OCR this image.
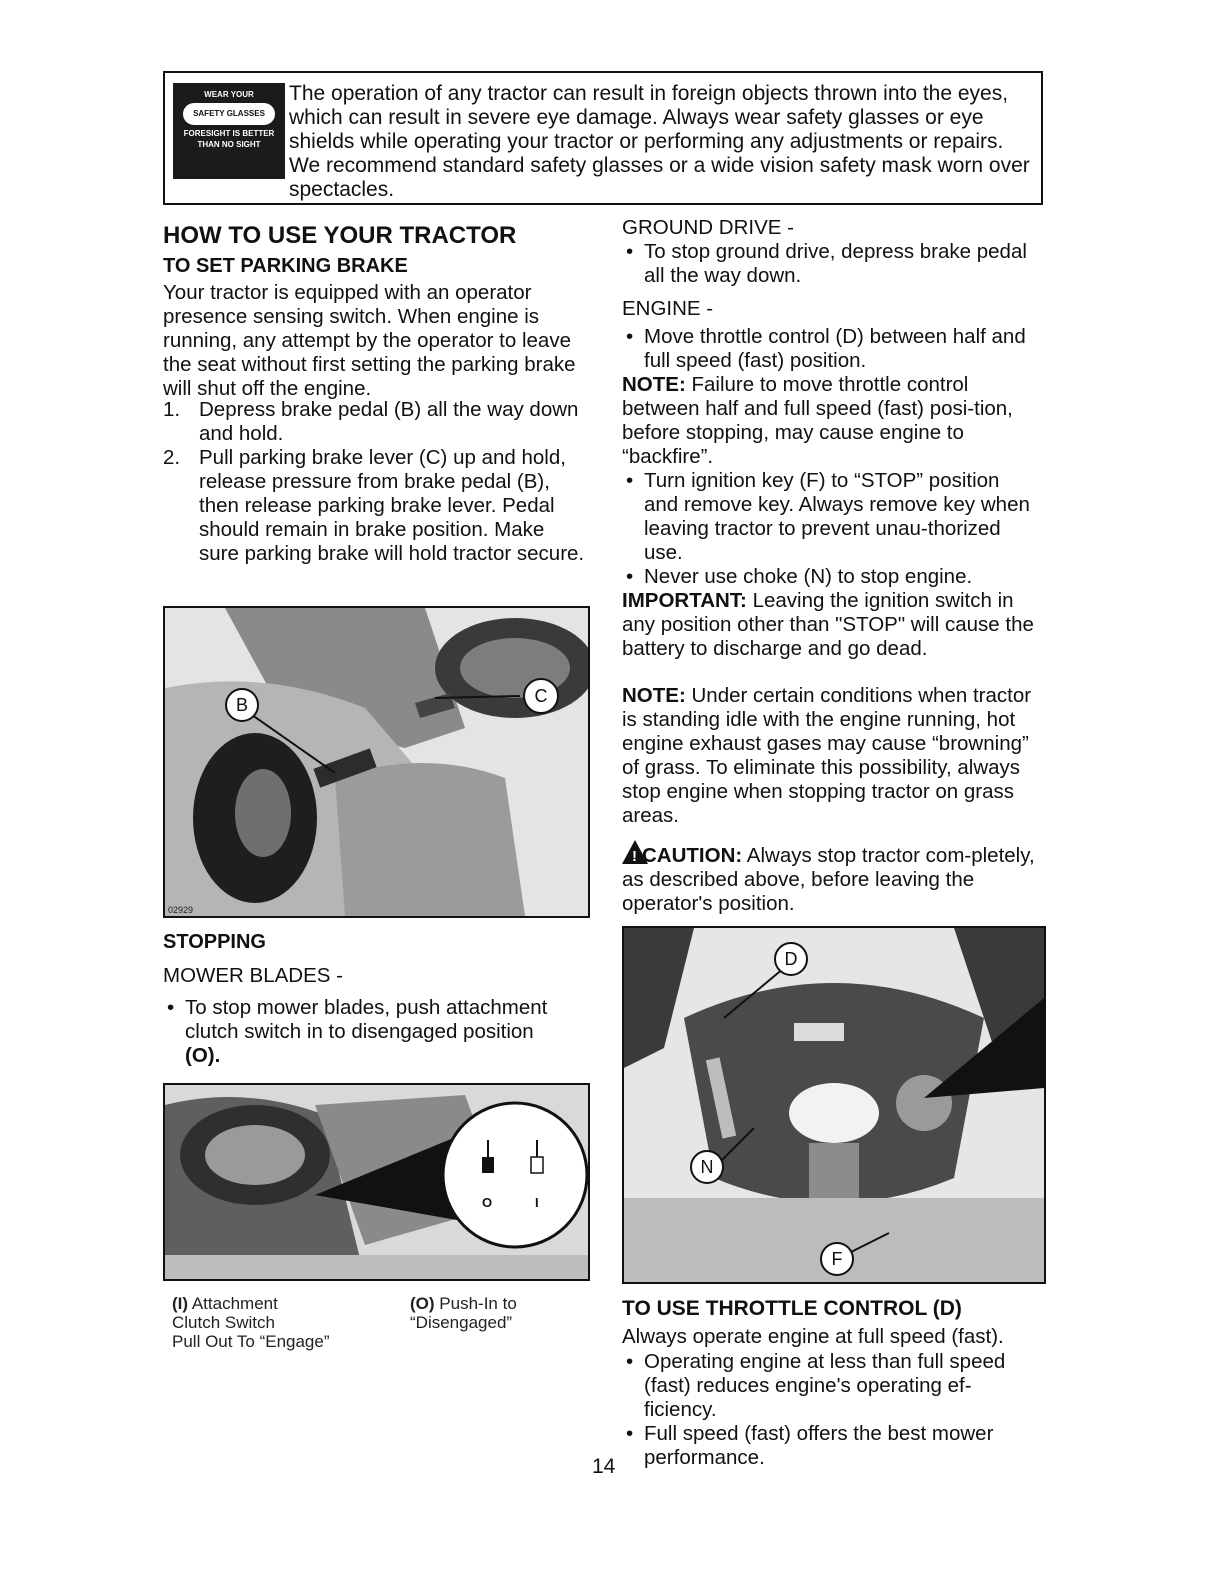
WEAR YOUR
SAFETY GLASSES
FORESIGHT IS BETTER
THAN NO SIGHT
The operation of any tractor can result in foreign objects thrown into the eyes, which can result in severe eye damage. Always wear safety glasses or eye shields while operating your tractor or performing any adjustments or repairs. We recommend standard safety glasses or a wide vision safety mask worn over spectacles.
HOW TO USE YOUR TRACTOR
TO SET PARKING BRAKE

Your tractor is equipped with an operator presence sensing switch. When engine is running, any attempt by the operator to leave the seat without first setting the parking brake will shut off the engine.

1. Depress brake pedal (B) all the way down and hold.
2. Pull parking brake lever (C) up and hold, release pressure from brake pedal (B), then release parking brake lever. Pedal should remain in brake position. Make sure parking brake will hold tractor secure.
B	C
02929
STOPPING

MOWER BLADES -

• To stop mower blades, push attachment clutch switch in to disengaged position
(O).
O	I
(I) Attachment
Clutch Switch
Pull Out To “Engage”
(O) Push-In to
“Disengaged”

GROUND DRIVE -

• To stop ground drive, depress brake pedal all the way down.

ENGINE -

• Move throttle control (D) between half and full speed (fast) position.

NOTE: Failure to move throttle control between half and full speed (fast) posi-tion, before stopping, may cause engine to “backfire”.

• Turn ignition key (F) to “STOP” position and remove key. Always remove key when leaving tractor to prevent unau-thorized use.
• Never use choke (N) to stop engine.

IMPORTANT: Leaving the ignition switch in any position other than "STOP" will cause the battery to discharge and go dead.

NOTE: Under certain conditions when tractor is standing idle with the engine running, hot engine exhaust gases may cause “browning” of grass. To eliminate this possibility, always stop engine when stopping tractor on grass areas.

! CAUTION: Always stop tractor com-pletely, as described above, before leaving the operator's position.

D
N
F
TO USE THROTTLE CONTROL (D)

Always operate engine at full speed (fast).

• Operating engine at less than full speed (fast) reduces engine's operating ef-ficiency.
• Full speed (fast) offers the best mower performance.
14
